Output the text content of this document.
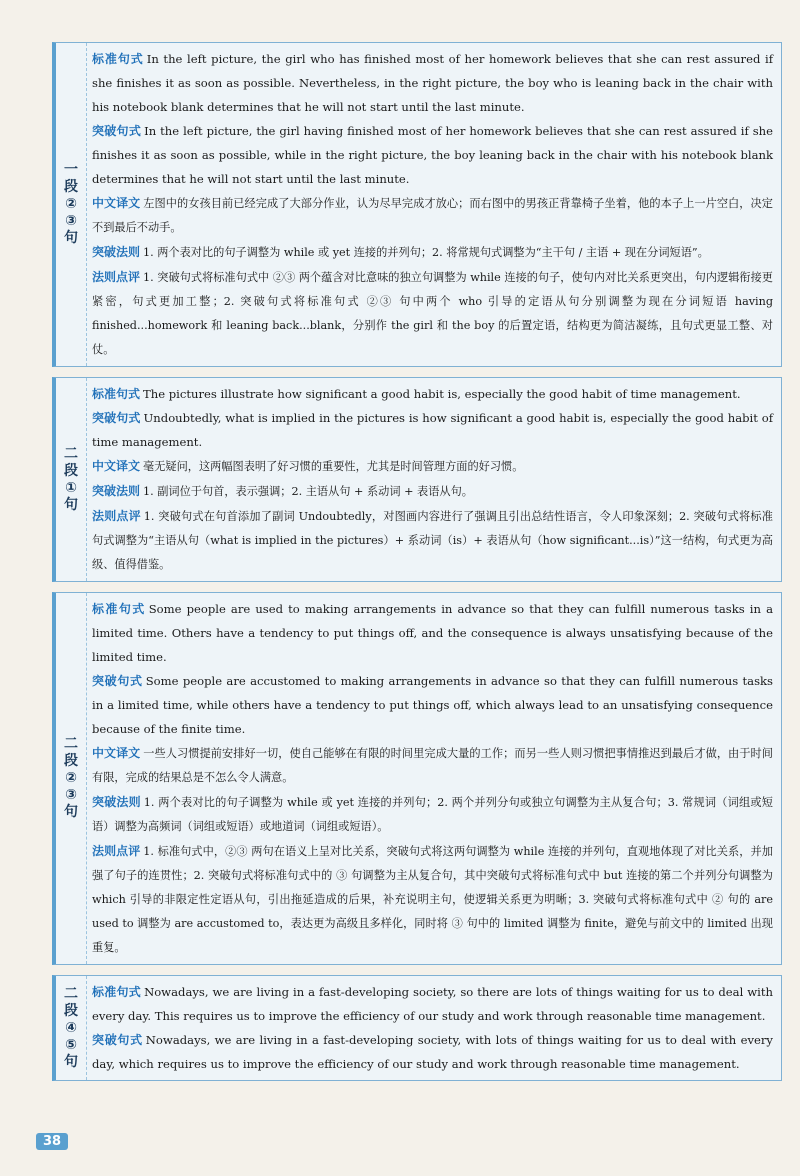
一
段
②
③
句

标准句式 In the left picture, the girl who has finished most of her homework believes that she can rest assured if she finishes it as soon as possible. Nevertheless, in the right picture, the boy who is leaning back in the chair with his notebook blank determines that he will not start until the last minute.

突破句式 In the left picture, the girl having finished most of her homework believes that she can rest assured if she finishes it as soon as possible, while in the right picture, the boy leaning back in the chair with his notebook blank determines that he will not start until the last minute.

中文译文 左图中的女孩目前已经完成了大部分作业，认为尽早完成才放心；而右图中的男孩正背靠椅子坐着，他的本子上一片空白，决定不到最后不动手。

突破法则 1. 两个表对比的句子调整为 while 或 yet 连接的并列句；2. 将常规句式调整为“主干句 / 主语 + 现在分词短语”。

法则点评 1. 突破句式将标准句式中 ②③ 两个蕴含对比意味的独立句调整为 while 连接的句子，使句内对比关系更突出，句内逻辑衔接更紧密，句式更加工整；2. 突破句式将标准句式 ②③ 句中两个 who 引导的定语从句分别调整为现在分词短语 having finished...homework 和 leaning back...blank，分别作 the girl 和 the boy 的后置定语，结构更为简洁凝练，且句式更显工整、对仗。

二
段
①
句

标准句式 The pictures illustrate how significant a good habit is, especially the good habit of time management.

突破句式 Undoubtedly, what is implied in the pictures is how significant a good habit is, especially the good habit of time management.

中文译文 毫无疑问，这两幅图表明了好习惯的重要性，尤其是时间管理方面的好习惯。

突破法则 1. 副词位于句首，表示强调；2. 主语从句 + 系动词 + 表语从句。

法则点评 1. 突破句式在句首添加了副词 Undoubtedly，对图画内容进行了强调且引出总结性语言，令人印象深刻；2. 突破句式将标准句式调整为“主语从句（what is implied in the pictures）+ 系动词（is）+ 表语从句（how significant...is）”这一结构，句式更为高级、值得借鉴。

二
段
②
③
句

标准句式 Some people are used to making arrangements in advance so that they can fulfill numerous tasks in a limited time. Others have a tendency to put things off, and the consequence is always unsatisfying because of the limited time.

突破句式 Some people are accustomed to making arrangements in advance so that they can fulfill numerous tasks in a limited time, while others have a tendency to put things off, which always lead to an unsatisfying consequence because of the finite time.

中文译文 一些人习惯提前安排好一切，使自己能够在有限的时间里完成大量的工作；而另一些人则习惯把事情推迟到最后才做，由于时间有限，完成的结果总是不怎么令人满意。

突破法则 1. 两个表对比的句子调整为 while 或 yet 连接的并列句；2. 两个并列分句或独立句调整为主从复合句；3. 常规词（词组或短语）调整为高频词（词组或短语）或地道词（词组或短语）。

法则点评 1. 标准句式中，②③ 两句在语义上呈对比关系，突破句式将这两句调整为 while 连接的并列句，直观地体现了对比关系，并加强了句子的连贯性；2. 突破句式将标准句式中的 ③ 句调整为主从复合句，其中突破句式将标准句式中 but 连接的第二个并列分句调整为 which 引导的非限定性定语从句，引出拖延造成的后果，补充说明主句，使逻辑关系更为明晰；3. 突破句式将标准句式中 ② 句的 are used to 调整为 are accustomed to，表达更为高级且多样化，同时将 ③ 句中的 limited 调整为 finite，避免与前文中的 limited 出现重复。

二
段
④
⑤
句

标准句式 Nowadays, we are living in a fast-developing society, so there are lots of things waiting for us to deal with every day. This requires us to improve the efficiency of our study and work through reasonable time management.

突破句式 Nowadays, we are living in a fast-developing society, with lots of things waiting for us to deal with every day, which requires us to improve the efficiency of our study and work through reasonable time management.

38
